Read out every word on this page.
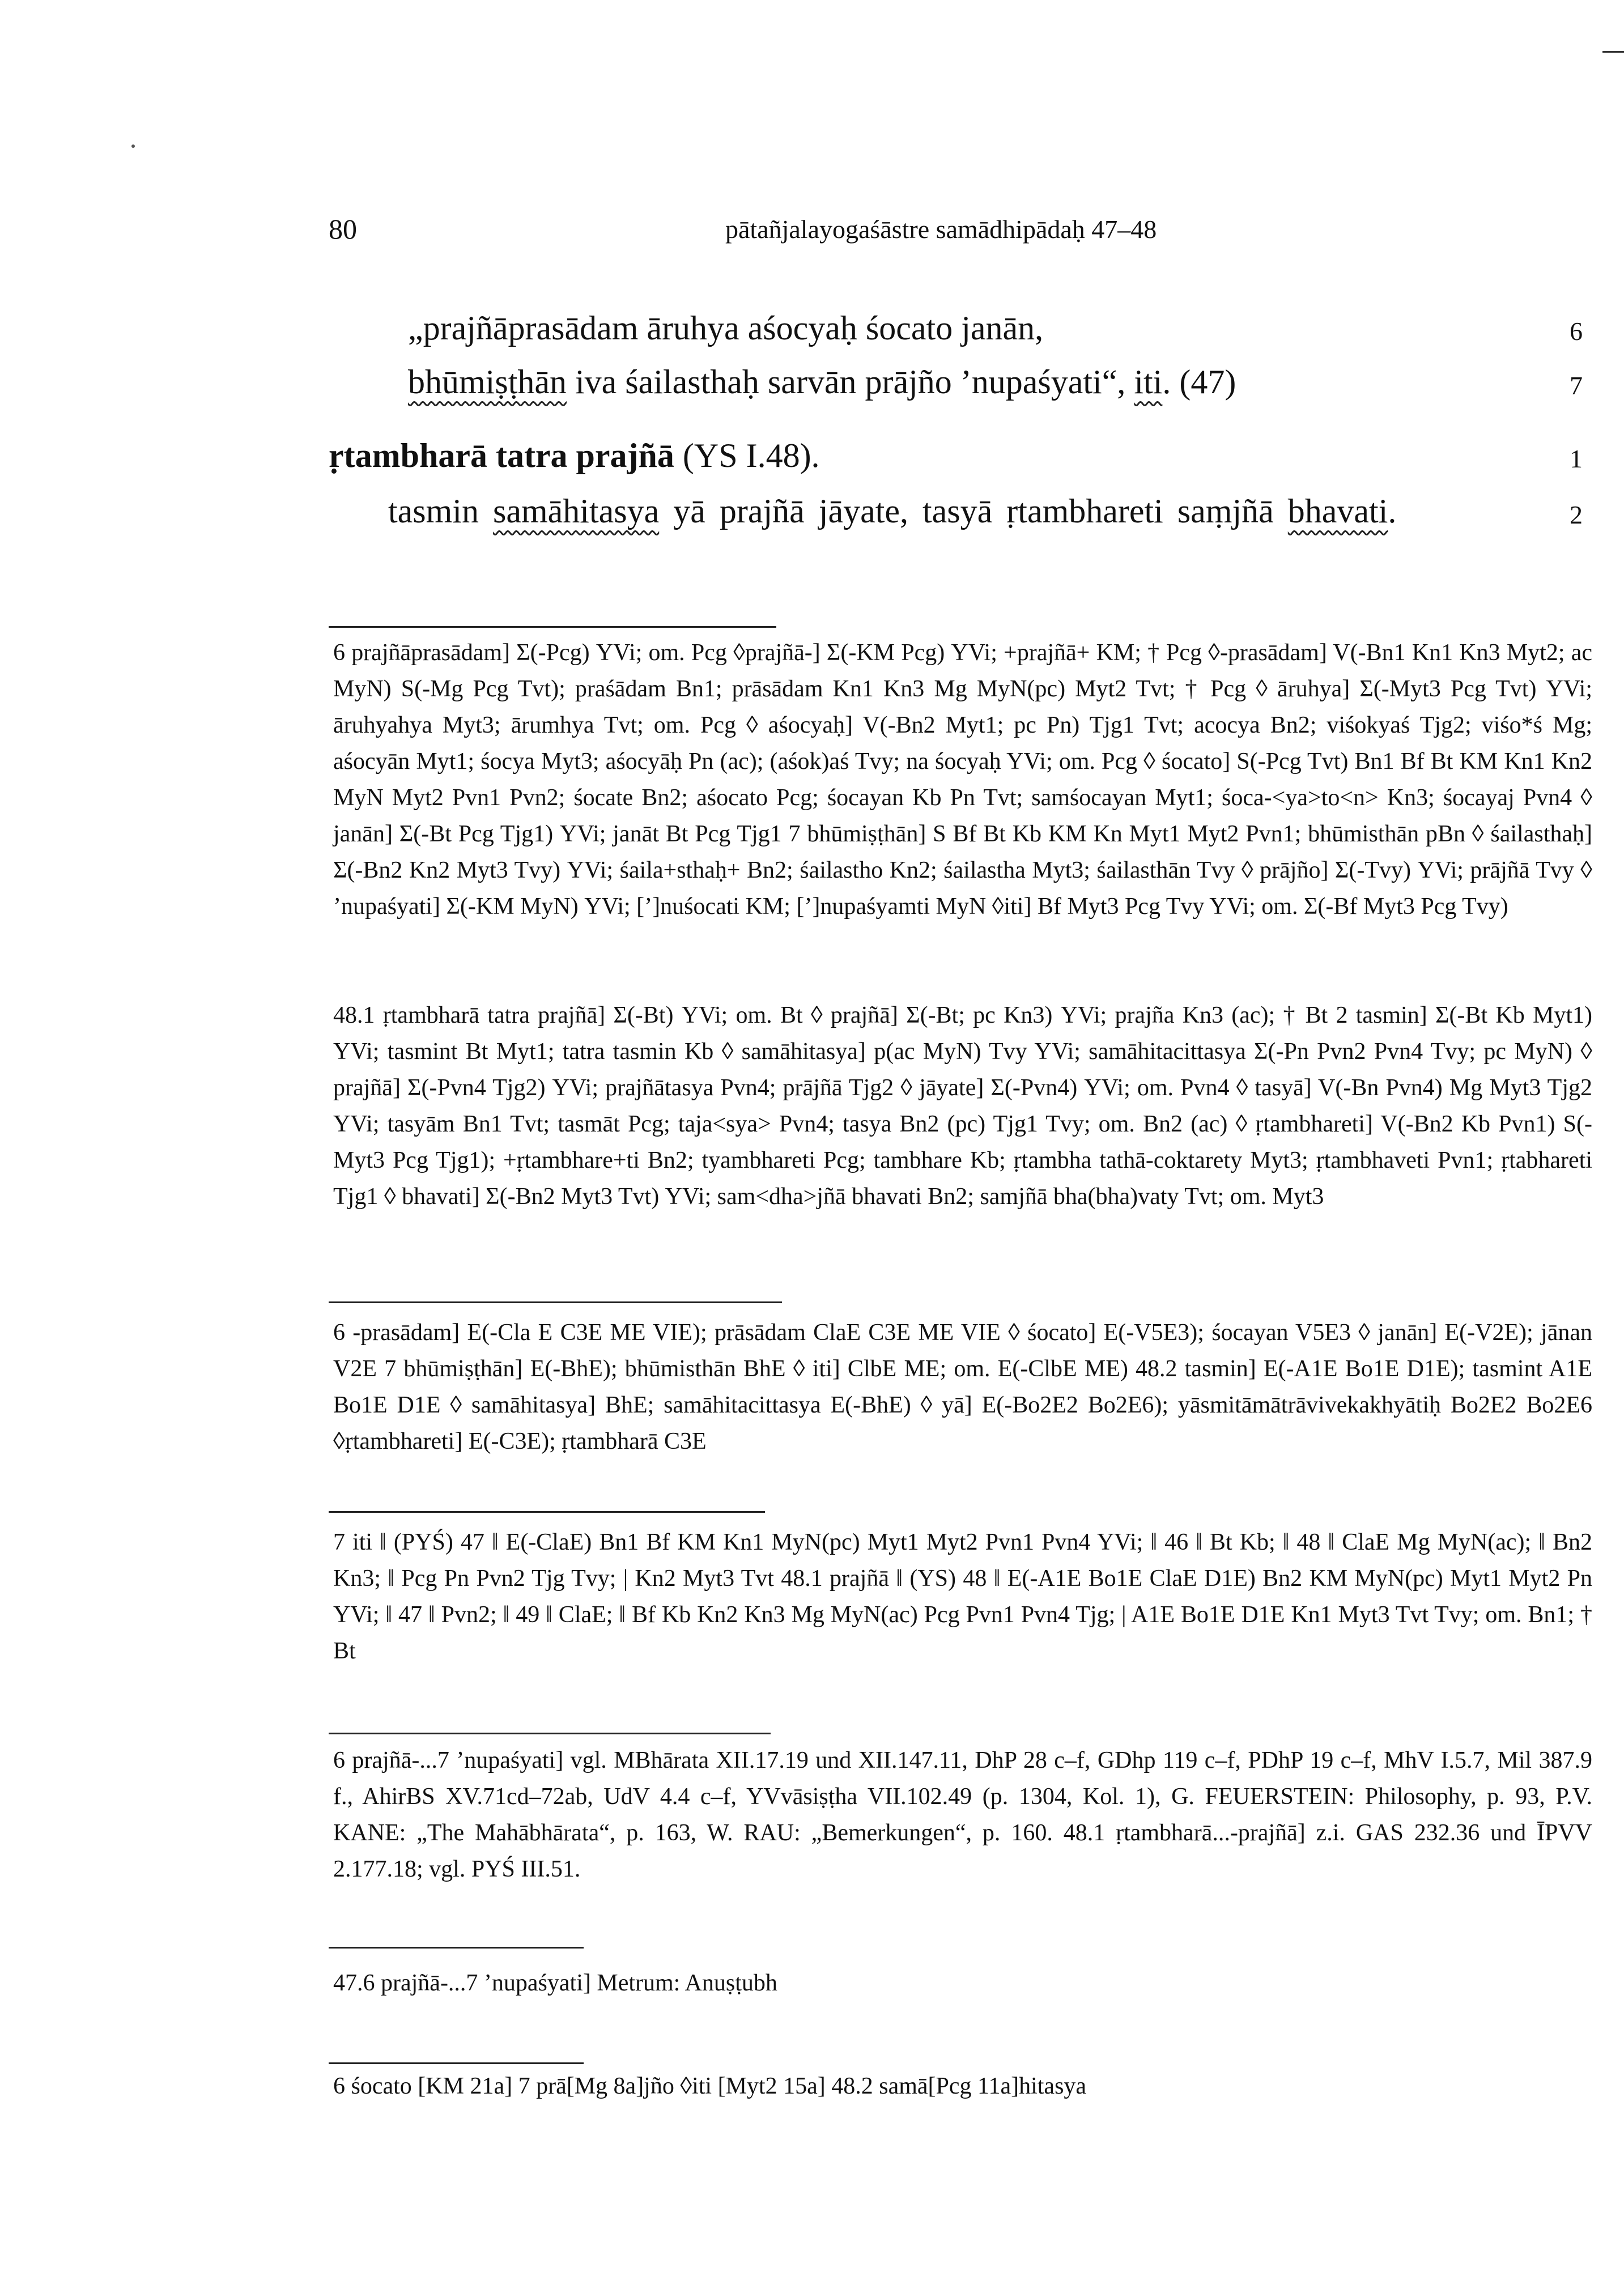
80	pātañjalayogaśāstre samādhipādaḥ 47–48
„prajñāprasādam āruhya aśocyaḥ śocato janān,	6
bhūmiṣṭhān iva śailasthaḥ sarvān prājño ’nupaśyati“, iti. (47)	7
ṛtambharā tatra prajñā (YS I.48).	1
tasmin samāhitasya yā prajñā jāyate, tasyā ṛtambhareti saṃjñā bhavati.	2
6 prajñāprasādam] Σ(-Pcg) YVi; om. Pcg ◊prajñā-] Σ(-KM Pcg) YVi; +prajñā+ KM; † Pcg ◊-prasādam] V(-Bn1 Kn1 Kn3 Myt2; ac MyN) S(-Mg Pcg Tvt); praśādam Bn1; prāsādam Kn1 Kn3 Mg MyN(pc) Myt2 Tvt; † Pcg ◊ āruhya] Σ(-Myt3 Pcg Tvt) YVi; āruhyahya Myt3; ārumhya Tvt; om. Pcg ◊ aśocyaḥ] V(-Bn2 Myt1; pc Pn) Tjg1 Tvt; acocya Bn2; viśokyaś Tjg2; viśo*ś Mg; aśocyān Myt1; śocya Myt3; aśocyāḥ Pn (ac); (aśok)aś Tvy; na śocyaḥ YVi; om. Pcg ◊ śocato] S(-Pcg Tvt) Bn1 Bf Bt KM Kn1 Kn2 MyN Myt2 Pvn1 Pvn2; śocate Bn2; aśocato Pcg; śocayan Kb Pn Tvt; samśocayan Myt1; śoca-<ya>to<n> Kn3; śocayaj Pvn4 ◊ janān] Σ(-Bt Pcg Tjg1) YVi; janāt Bt Pcg Tjg1 7 bhūmiṣṭhān] S Bf Bt Kb KM Kn Myt1 Myt2 Pvn1; bhūmisthān pBn ◊ śailasthaḥ] Σ(-Bn2 Kn2 Myt3 Tvy) YVi; śaila+sthaḥ+ Bn2; śailastho Kn2; śailastha Myt3; śailasthān Tvy ◊ prājño] Σ(-Tvy) YVi; prājñā Tvy ◊ ’nupaśyati] Σ(-KM MyN) YVi; [’]nuśocati KM; [’]nupaśyamti MyN ◊iti] Bf Myt3 Pcg Tvy YVi; om. Σ(-Bf Myt3 Pcg Tvy)
48.1 ṛtambharā tatra prajñā] Σ(-Bt) YVi; om. Bt ◊ prajñā] Σ(-Bt; pc Kn3) YVi; prajña Kn3 (ac); † Bt 2 tasmin] Σ(-Bt Kb Myt1) YVi; tasmint Bt Myt1; tatra tasmin Kb ◊ samāhitasya] p(ac MyN) Tvy YVi; samāhitacittasya Σ(-Pn Pvn2 Pvn4 Tvy; pc MyN) ◊ prajñā] Σ(-Pvn4 Tjg2) YVi; prajñātasya Pvn4; prājñā Tjg2 ◊ jāyate] Σ(-Pvn4) YVi; om. Pvn4 ◊ tasyā] V(-Bn Pvn4) Mg Myt3 Tjg2 YVi; tasyām Bn1 Tvt; tasmāt Pcg; taja<sya> Pvn4; tasya Bn2 (pc) Tjg1 Tvy; om. Bn2 (ac) ◊ ṛtambhareti] V(-Bn2 Kb Pvn1) S(-Myt3 Pcg Tjg1); +ṛtambhare+ti Bn2; tyambhareti Pcg; tambhare Kb; ṛtambha tathā-coktarety Myt3; ṛtambhaveti Pvn1; ṛtabhareti Tjg1 ◊ bhavati] Σ(-Bn2 Myt3 Tvt) YVi; sam<dha>jñā bhavati Bn2; samjñā bha(bha)vaty Tvt; om. Myt3
6 -prasādam] E(-Cla E C3E ME VIE); prāsādam ClaE C3E ME VIE ◊ śocato] E(-V5E3); śocayan V5E3 ◊ janān] E(-V2E); jānan V2E 7 bhūmiṣṭhān] E(-BhE); bhūmisthān BhE ◊ iti] ClbE ME; om. E(-ClbE ME) 48.2 tasmin] E(-A1E Bo1E D1E); tasmint A1E Bo1E D1E ◊ samāhitasya] BhE; samāhitacittasya E(-BhE) ◊ yā] E(-Bo2E2 Bo2E6); yāsmitāmātrāvivekakhyātiḥ Bo2E2 Bo2E6 ◊ṛtambhareti] E(-C3E); ṛtambharā C3E
7 iti ‖ (PYŚ) 47 ‖ E(-ClaE) Bn1 Bf KM Kn1 MyN(pc) Myt1 Myt2 Pvn1 Pvn4 YVi; ‖ 46 ‖ Bt Kb; ‖ 48 ‖ ClaE Mg MyN(ac); ‖ Bn2 Kn3; ‖ Pcg Pn Pvn2 Tjg Tvy; | Kn2 Myt3 Tvt 48.1 prajñā ‖ (YS) 48 ‖ E(-A1E Bo1E ClaE D1E) Bn2 KM MyN(pc) Myt1 Myt2 Pn YVi; ‖ 47 ‖ Pvn2; ‖ 49 ‖ ClaE; ‖ Bf Kb Kn2 Kn3 Mg MyN(ac) Pcg Pvn1 Pvn4 Tjg; | A1E Bo1E D1E Kn1 Myt3 Tvt Tvy; om. Bn1; † Bt
6 prajñā-...7 ’nupaśyati] vgl. MBhārata XII.17.19 und XII.147.11, DhP 28 c–f, GDhp 119 c–f, PDhP 19 c–f, MhV I.5.7, Mil 387.9 f., AhirBS XV.71cd–72ab, UdV 4.4 c–f, YVvāsiṣṭha VII.102.49 (p. 1304, Kol. 1), G. FEUERSTEIN: Philosophy, p. 93, P.V. KANE: „The Mahābhārata“, p. 163, W. RAU: „Bemerkungen“, p. 160. 48.1 ṛtambharā...-prajñā] z.i. GAS 232.36 und ĪPVV 2.177.18; vgl. PYŚ III.51.
47.6 prajñā-...7 ’nupaśyati] Metrum: Anuṣṭubh
6 śocato [KM 21a] 7 prā[Mg 8a]jño ◊iti [Myt2 15a] 48.2 samā[Pcg 11a]hitasya
